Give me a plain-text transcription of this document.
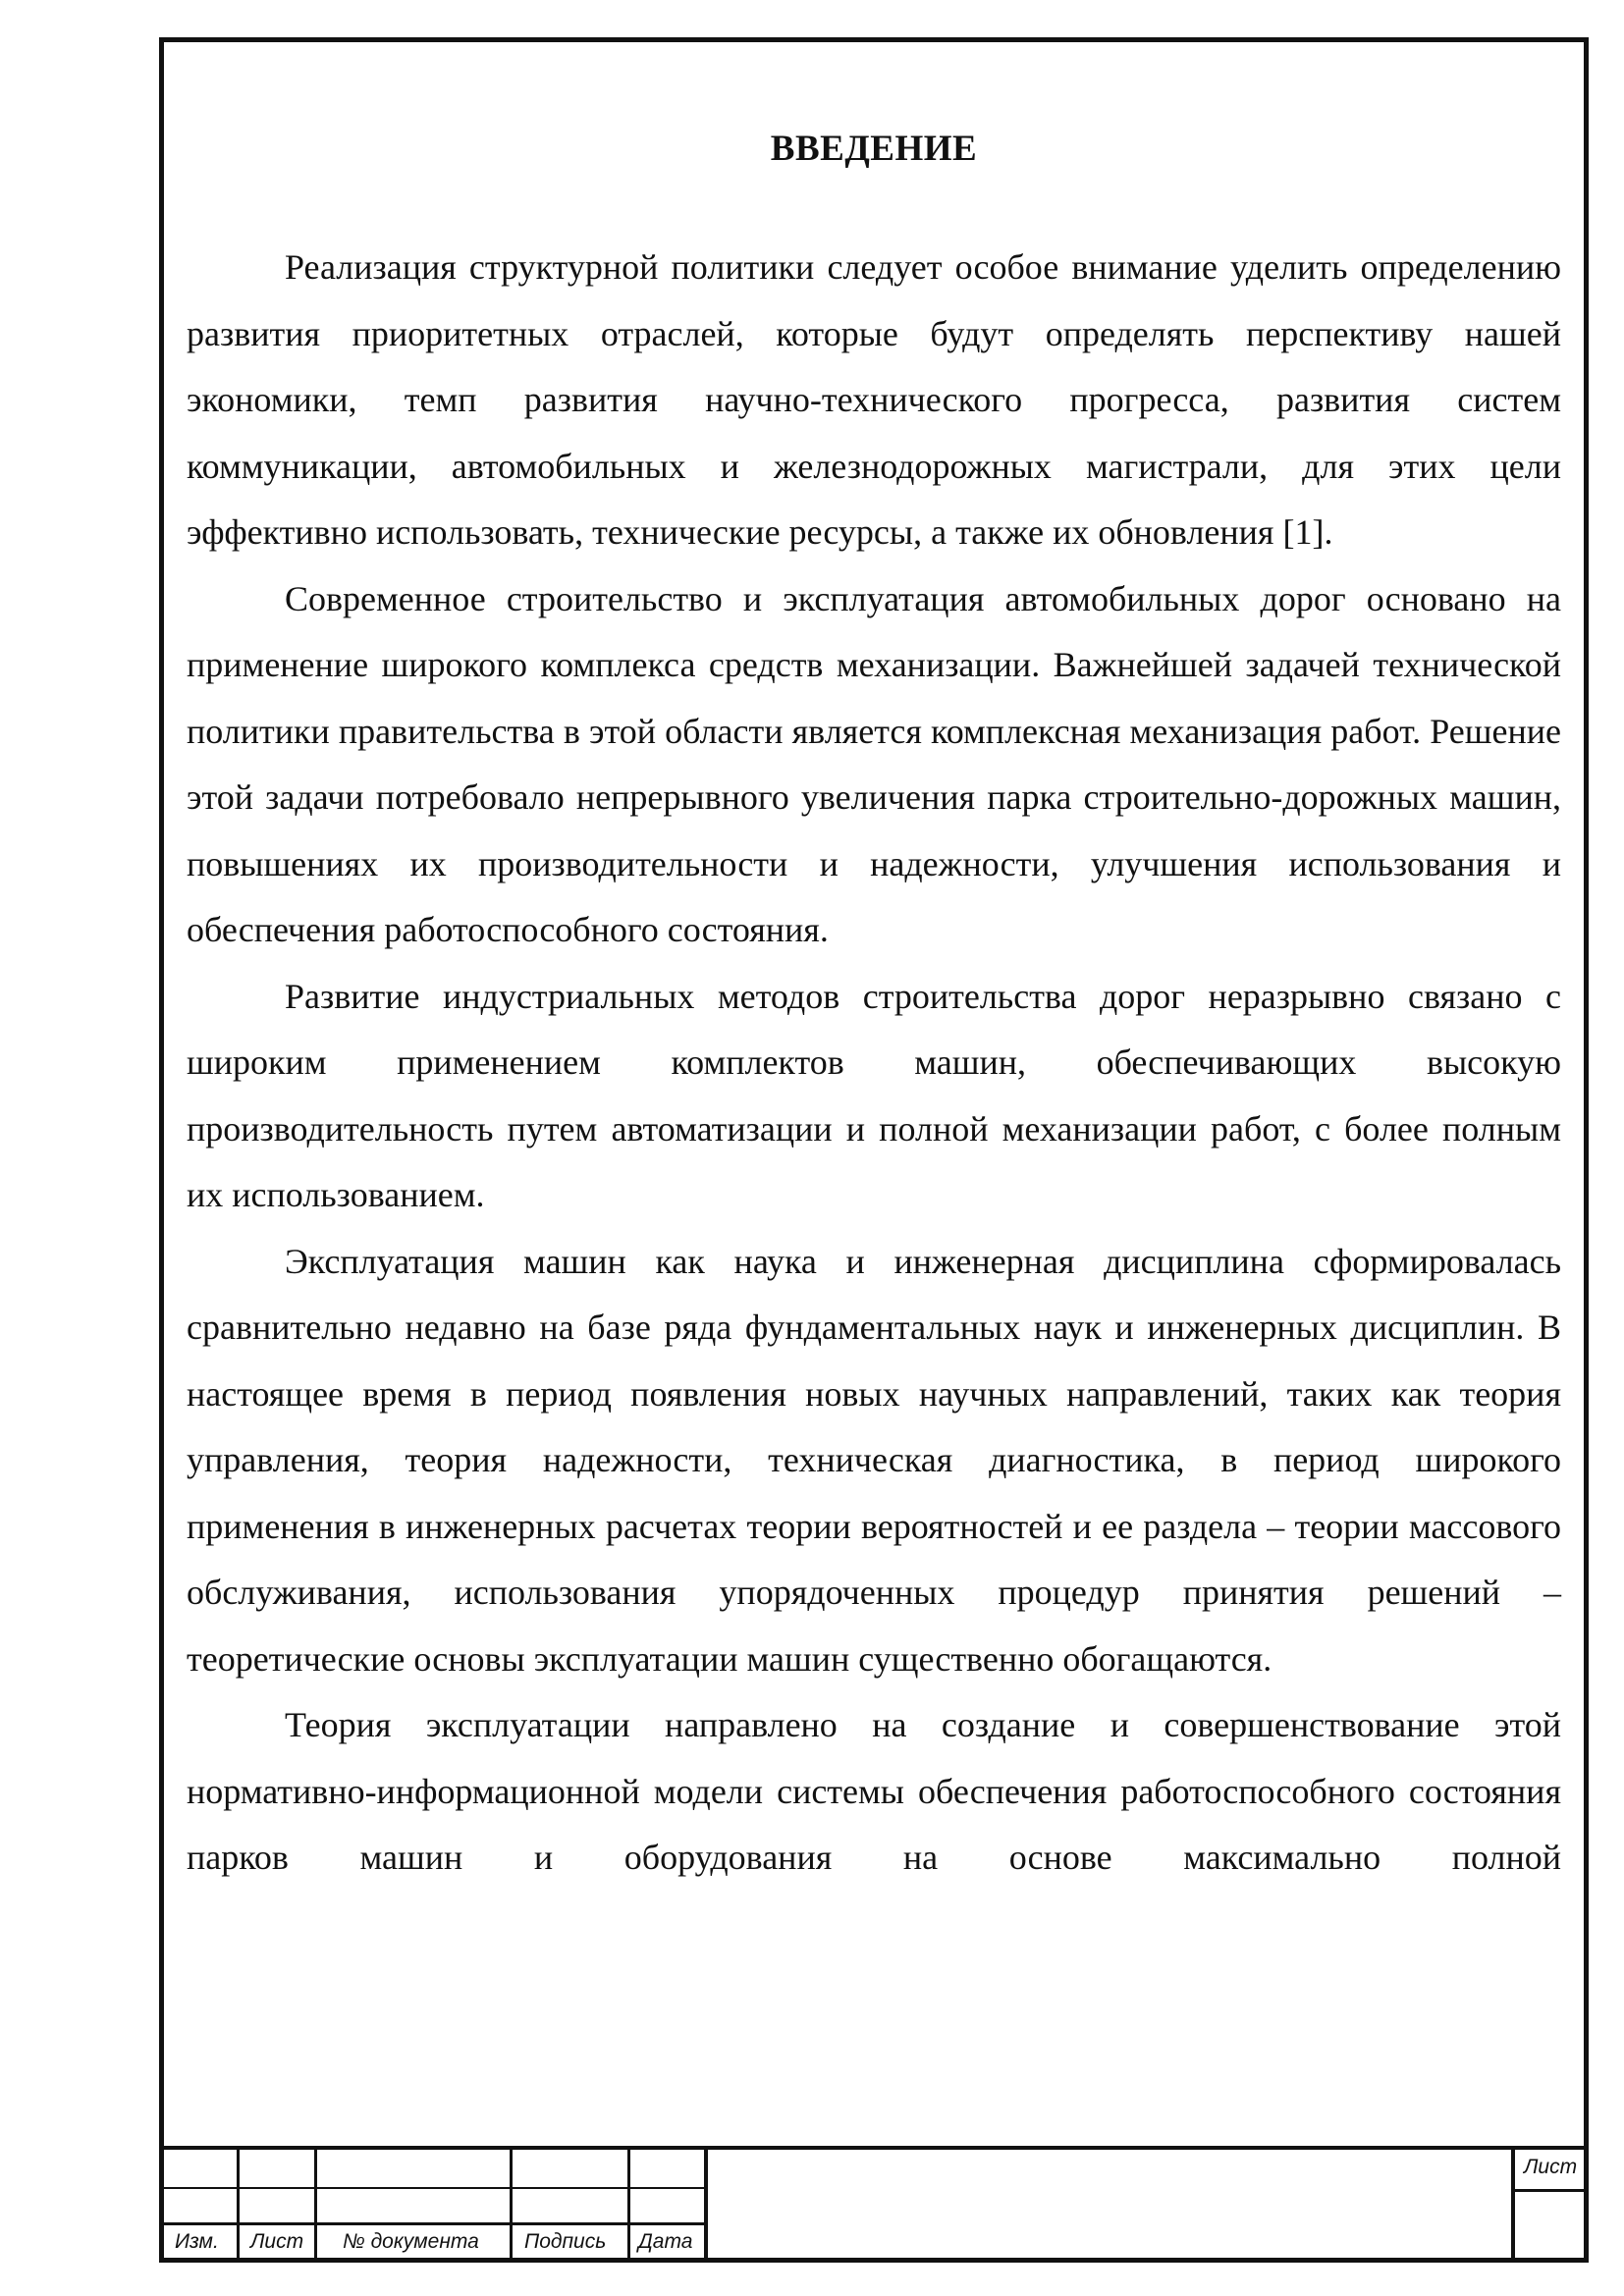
ВВЕДЕНИЕ

Реализация структурной политики следует особое внимание уделить определению развития приоритетных отраслей, которые будут определять перспективу нашей экономики, темп развития научно-технического прогресса, развития систем коммуникации, автомобильных и железнодорожных магистрали, для этих цели эффективно использовать, технические ресурсы, а также их обновления [1].

Современное строительство и эксплуатация автомобильных дорог основано на применение широкого комплекса средств механизации. Важнейшей задачей технической политики правительства в этой области является комплексная механизация работ. Решение этой задачи потребовало непрерывного увеличения парка строительно-дорожных машин, повышениях их производительности и надежности, улучшения использования и обеспечения работоспособного состояния.

Развитие индустриальных методов строительства дорог неразрывно связано с широким применением комплектов машин, обеспечивающих высокую производительность путем автоматизации и полной механизации работ, с более полным их использованием.

Эксплуатация машин как наука и инженерная дисциплина сформировалась сравнительно недавно на базе ряда фундаментальных наук и инженерных дисциплин. В настоящее время в период появления новых научных направлений, таких как теория управления, теория надежности, техническая диагностика, в период широкого применения в инженерных расчетах теории вероятностей и ее раздела – теории массового обслуживания, использования упорядоченных процедур принятия решений – теоретические основы эксплуатации машин существенно обогащаются.

Теория эксплуатации направлено на создание и совершенствование этой нормативно-информационной модели системы обеспечения работоспособного состояния парков машин и оборудования на основе максимально полной

Изм. Лист № документа Подпись Дата
Лист
